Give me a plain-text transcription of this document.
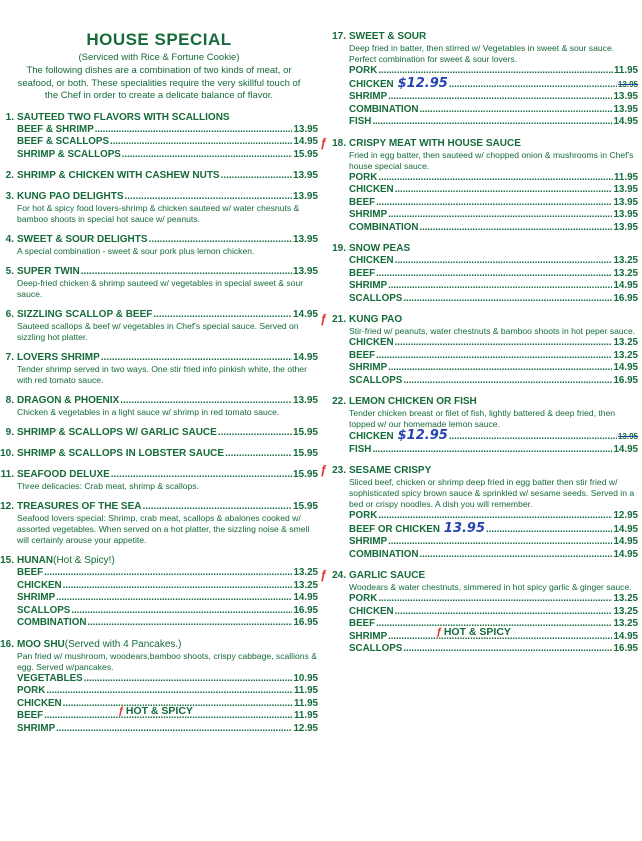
HOUSE SPECIAL
(Serviced with Rice & Fortune Cookie)
The following dishes are a combination of two kinds of meat, or seafood, or both. These specialities require the very skillful touch of the Chef in order to create a delicate balance of flavor.
1. SAUTEED TWO FLAVORS WITH SCALLIONS
BEEF & SHRIMP . . .	13.95
BEEF & SCALLOPS . . .	14.95
SHRIMP & SCALLOPS . . .	15.95
2. SHRIMP & CHICKEN WITH CASHEW NUTS . . .	13.95
3. KUNG PAO DELIGHTS . . .	13.95
For hot & spicy food lovers-shrimp & chicken sauteed w/ water chesnuts & bamboo shoots in special hot sauce w/ peanuts.
4. SWEET & SOUR DELIGHTS . . .	13.95
A special combination - sweet & sour pork plus lemon chicken.
5. SUPER TWIN . . .	13.95
Deep-fried chicken & shrimp sauteed w/ vegetables in special sweet & sour sauce.
6. SIZZLING SCALLOP & BEEF . . .	14.95
Sauteed scallops & beef w/ vegetables in Chef's special sauce. Served on sizzling hot platter.
7. LOVERS SHRIMP . . .	14.95
Tender shrimp served in two ways. One stir fried info pinkish white, the other with red tomato sauce.
8. DRAGON & PHOENIX . . .	13.95
Chicken & vegetables in a light sauce w/ shrimp in red tomato sauce.
9. SHRIMP & SCALLOPS W/ GARLIC SAUCE . . .	15.95
10. SHRIMP & SCALLOPS IN LOBSTER SAUCE . . .	15.95
11. SEAFOOD DELUXE . . .	15.95
Three delicacies: Crab meat, shrimp & scallops.
12. TREASURES OF THE SEA . . .	15.95
Seafood lovers special: Shrimp, crab meat, scallops & abalones cooked w/ assorted vegetables. When served on a hot platter, the sizzling noise & smell will certainly arouse your appetite.
15. HUNAN (Hot & Spicy!)
BEEF . . .	13.25
CHICKEN . . .	13.25
SHRIMP . . .	14.95
SCALLOPS . . .	16.95
COMBINATION . . .	16.95
16. MOO SHU (Served with 4 Pancakes.)
Pan fried w/ mushroom, woodears,bamboo shoots, crispy cabbage, scallions & egg. Served w/pancakes.
VEGETABLES . . .	10.95
PORK . . .	11.95
CHICKEN . . .	11.95
BEEF . . .	11.95
SHRIMP . . .	12.95
ƒ HOT & SPICY
17. SWEET & SOUR
Deep fried in batter, then stirred w/ Vegetables in sweet & sour sauce. Perfect combination for sweet & sour lovers.
PORK . . .	11.95
CHICKEN $12.95 . . .	13.95
SHRIMP . . .	13.95
COMBINATION . . .	13.95
FISH . . .	14.95
ƒ 18. CRISPY MEAT WITH HOUSE SAUCE
Fried in egg batter, then sauteed w/ chopped onion & mushrooms in Chef's house special sauce.
PORK . . .	11.95
CHICKEN . . .	13.95
BEEF . . .	13.95
SHRIMP . . .	13.95
COMBINATION . . .	13.95
19. SNOW PEAS
CHICKEN . . .	13.25
BEEF . . .	13.25
SHRIMP . . .	14.95
SCALLOPS . . .	16.95
ƒ 21. KUNG PAO
Stir-fried w/ peanuts, water chestnuts & bamboo shoots in hot peper sauce.
CHICKEN . . .	13.25
BEEF . . .	13.25
SHRIMP . . .	14.95
SCALLOPS . . .	16.95
22. LEMON CHICKEN OR FISH
Tender chicken breast or filet of fish, lightly battered & deep fried, then topped w/ our homemade lemon sauce.
CHICKEN $12.95 . . .	13.95
FISH . . .	14.95
ƒ 23. SESAME CRISPY
Sliced beef, chicken or shrimp deep fried in egg batter then stir fried w/ sophisticated spicy brown sauce & sprinkled w/ sesame seeds. Served in a bed or crispy noodles. A dish you will remember.
PORK . . .	12.95
BEEF OR CHICKEN 13.95 . . .	14.95
SHRIMP . . .	14.95
COMBINATION . . .	14.95
ƒ 24. GARLIC SAUCE
Woodears & water chestnuts, simmered in hot spicy garlic & ginger sauce.
PORK . . .	13.25
CHICKEN . . .	13.25
BEEF . . .	13.25
SHRIMP . . .	14.95
SCALLOPS . . .	16.95
ƒ HOT & SPICY
